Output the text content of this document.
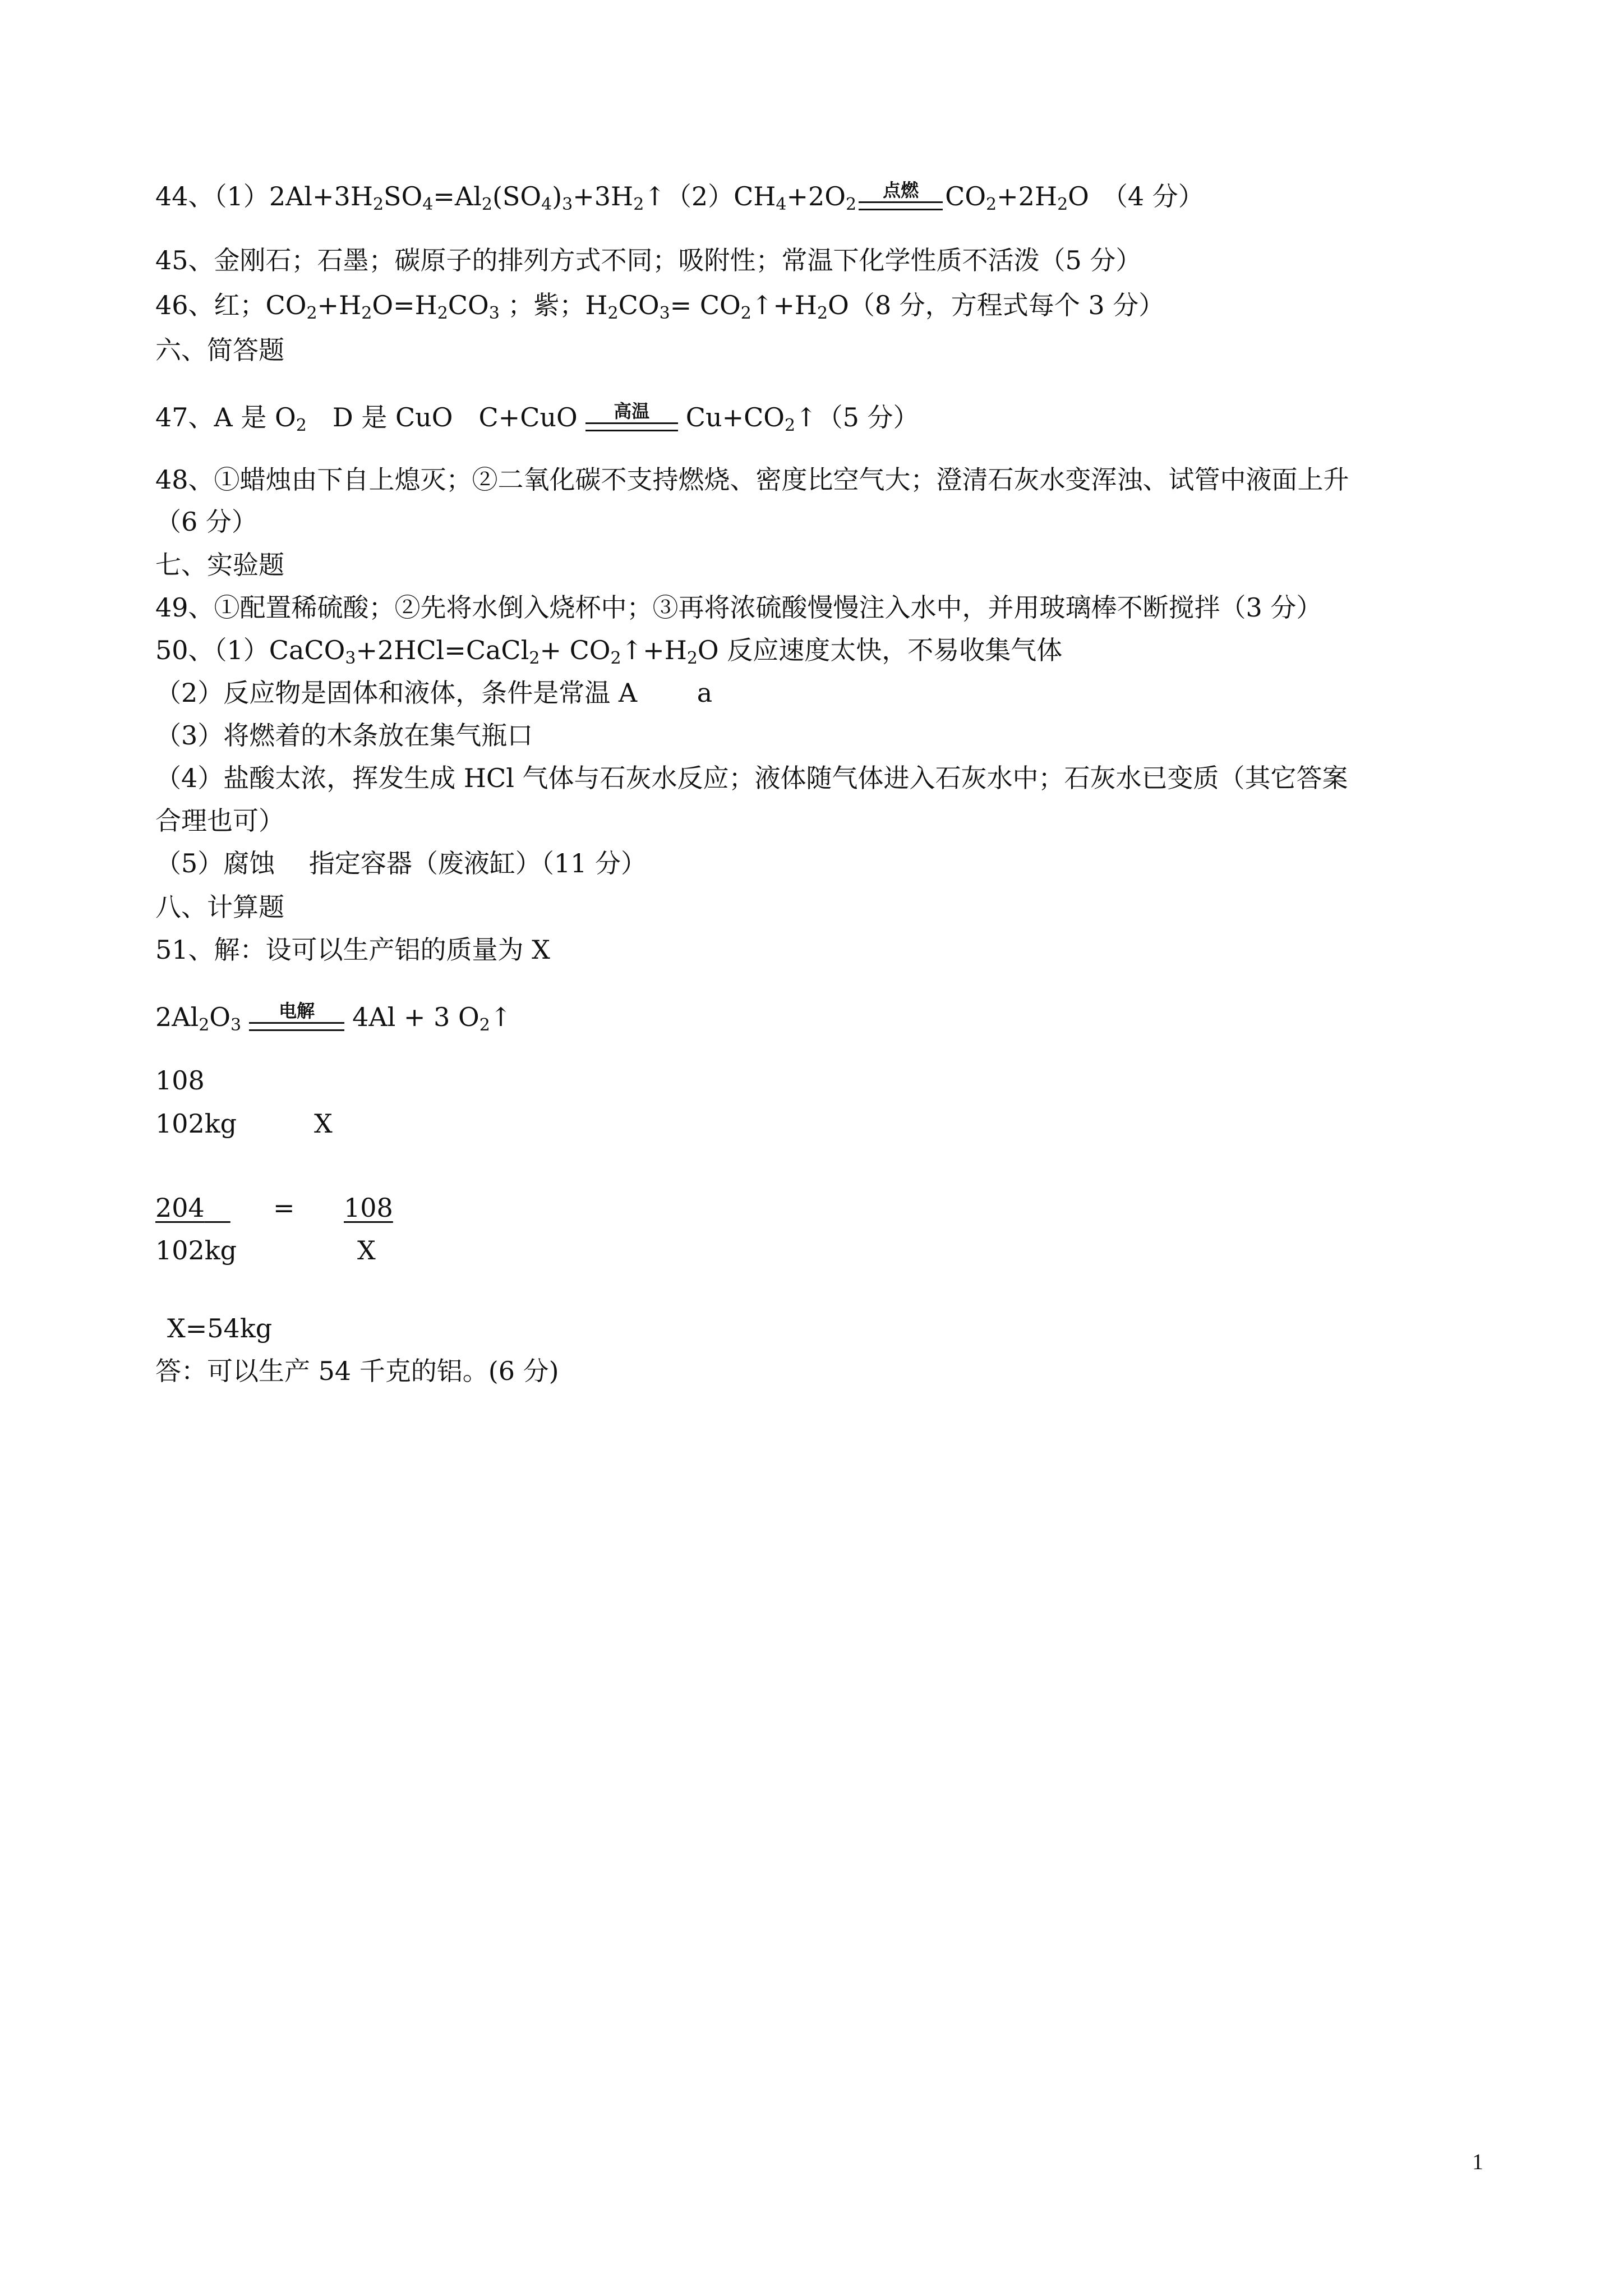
44、$(1)2Al+3H_2SO_4=Al_2(SO_4)_3+3H_2↑(2)CH_4+2O_2$
点燃	$CO_2+2H_2O$　（4 分）
45、金刚石；石墨；碳原子的排列方式不同；吸附性；常温下化学性质不活泼（5 分）
46、红；$CO_2+H_2O=H_2CO_3$ ；紫；$H_2CO_3=$ $CO_2↑+H_2O(8$ 分，方程式每个 3 分）
六、简答题
47、A 是 $O_2$　D 是 CuO　C+CuO	高温	$Cu+CO_2↑(5$ 分）
48、①蜡烛由下自上熄灭；②二氧化碳不支持燃烧、密度比空气大；澄清石灰水变浑浊、试管中液面上升
（6 分）
七、实验题
49、①配置稀硫酸；②先将水倒入烧杯中；③再将浓硫酸慢慢注入水中，并用玻璃棒不断搅拌（3 分）
50、（1）CaCO$_3$+2HCl=CaCl$_2$+ $CO_2↑+H_2O$ 反应速度太快，不易收集气体
（2）反应物是固体和液体，条件是常温 A　　 a
（3）将燃着的木条放在集气瓶口
（4）盐酸太浓，挥发生成 HCl 气体与石灰水反应；液体随气体进入石灰水中；石灰水已变质（其它答案
合理也可）
（5）腐蚀　 指定容器（废液缸）（11 分）
八、计算题
51、解：设可以生产铝的质量为 X
$2Al_2O_3$
电解	4Al + 3 $O_2↑$
108
102kg	X
204　	= 108
102kg	X
X=54kg
答：可以生产 54 千克的铝。(6 分)
1
